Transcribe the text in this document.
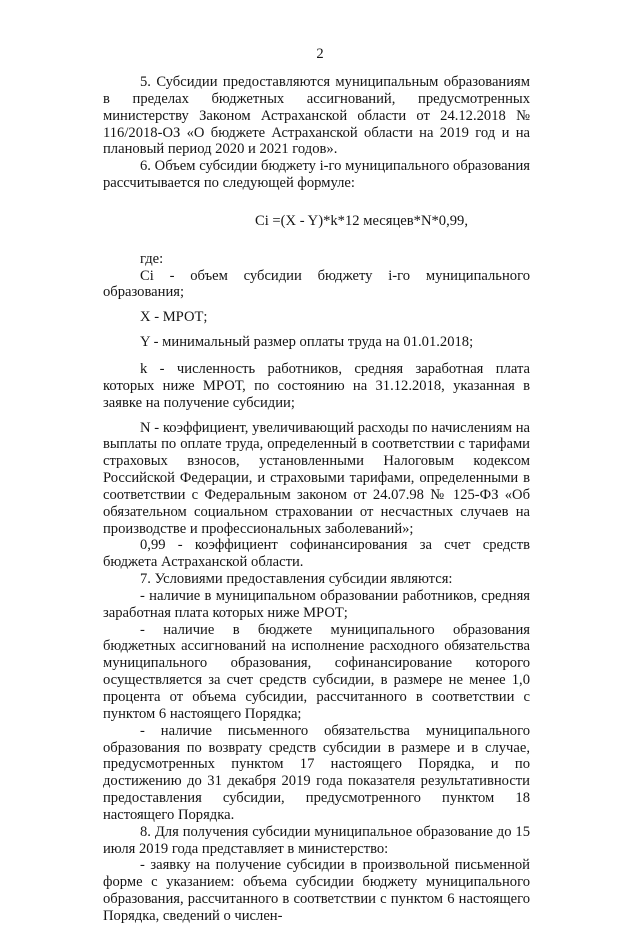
2

5. Субсидии предоставляются муниципальным образованиям в пределах бюджетных ассигнований, предусмотренных министерству Законом Астраханской области от 24.12.2018 № 116/2018-ОЗ «О бюджете Астраханской области на 2019 год и на плановый период 2020 и 2021 годов».

6. Объем субсидии бюджету i-го муниципального образования рассчитывается по следующей формуле:

Ci =(X - Y)*k*12 месяцев*N*0,99,

где:

Ci - объем субсидии бюджету i-го муниципального образования;

X - МРОТ;

Y - минимальный размер оплаты труда на 01.01.2018;

k - численность работников, средняя заработная плата которых ниже МРОТ, по состоянию на 31.12.2018, указанная в заявке на получение субсидии;

N - коэффициент, увеличивающий расходы по начислениям на выплаты по оплате труда, определенный в соответствии с тарифами страховых взносов, установленными Налоговым кодексом Российской Федерации, и страховыми тарифами, определенными в соответствии с Федеральным законом от 24.07.98 № 125-ФЗ «Об обязательном социальном страховании от несчастных случаев на производстве и профессиональных заболеваний»;

0,99 - коэффициент софинансирования за счет средств бюджета Астраханской области.

7. Условиями предоставления субсидии являются:

- наличие в муниципальном образовании работников, средняя заработная плата которых ниже МРОТ;

- наличие в бюджете муниципального образования бюджетных ассигнований на исполнение расходного обязательства муниципального образования, софинансирование которого осуществляется за счет средств субсидии, в размере не менее 1,0 процента от объема субсидии, рассчитанного в соответствии с пунктом 6 настоящего Порядка;

- наличие письменного обязательства муниципального образования по возврату средств субсидии в размере и в случае, предусмотренных пунктом 17 настоящего Порядка, и по достижению до 31 декабря 2019 года показателя результативности предоставления субсидии, предусмотренного пунктом 18 настоящего Порядка.

8. Для получения субсидии муниципальное образование до 15 июля 2019 года представляет в министерство:

- заявку на получение субсидии в произвольной письменной форме с указанием: объема субсидии бюджету муниципального образования, рассчитанного в соответствии с пунктом 6 настоящего Порядка, сведений о числен-
